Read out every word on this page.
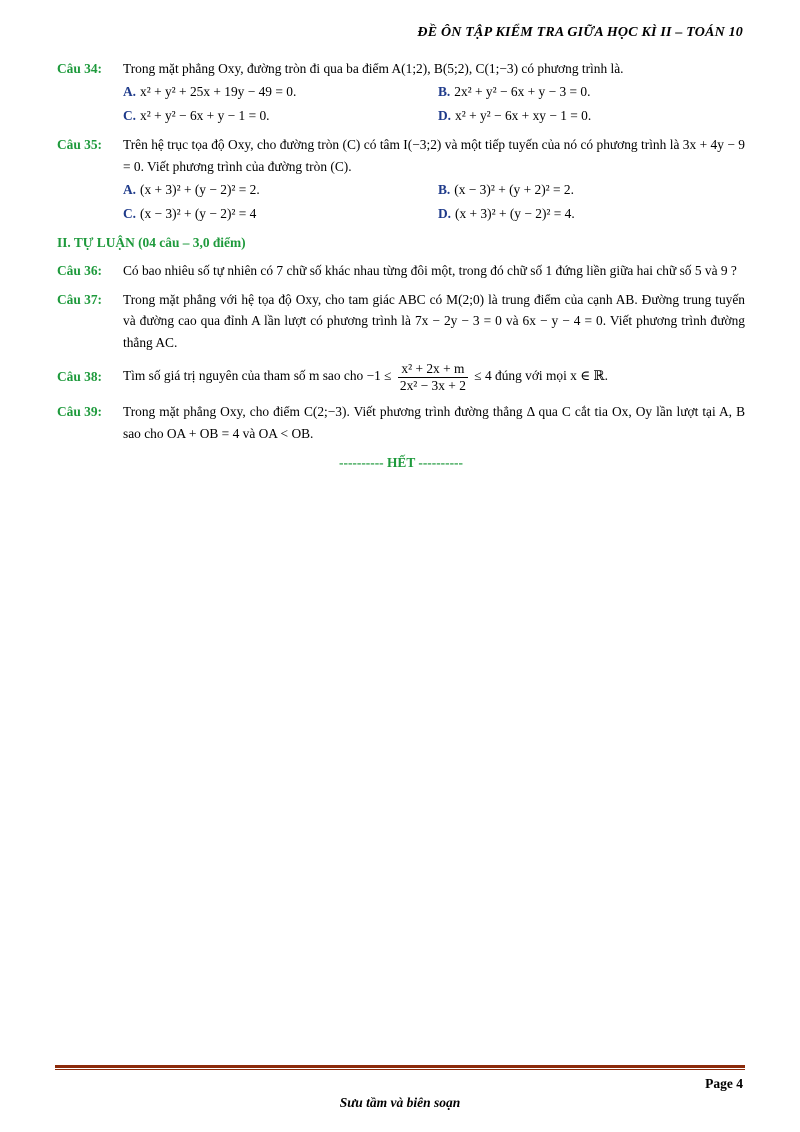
ĐỀ ÔN TẬP KIỂM TRA GIỮA HỌC KÌ II – TOÁN 10
Câu 34:	Trong mặt phẳng Oxy, đường tròn đi qua ba điểm A(1;2), B(5;2), C(1;−3) có phương trình là.
A. x² + y² + 25x + 19y − 49 = 0.	B. 2x² + y² − 6x + y − 3 = 0.
C. x² + y² − 6x + y − 1 = 0.	D. x² + y² − 6x + xy − 1 = 0.
Câu 35:	Trên hệ trục tọa độ Oxy, cho đường tròn (C) có tâm I(−3;2) và một tiếp tuyến của nó có phương trình là 3x + 4y − 9 = 0. Viết phương trình của đường tròn (C).
A. (x + 3)² + (y − 2)² = 2.	B. (x − 3)² + (y + 2)² = 2.
C. (x − 3)² + (y − 2)² = 4	D. (x + 3)² + (y − 2)² = 4.
II. TỰ LUẬN (04 câu – 3,0 điểm)
Câu 36:	Có bao nhiêu số tự nhiên có 7 chữ số khác nhau từng đôi một, trong đó chữ số 1 đứng liền giữa hai chữ số 5 và 9 ?
Câu 37:	Trong mặt phẳng với hệ tọa độ Oxy, cho tam giác ABC có M(2;0) là trung điểm của cạnh AB. Đường trung tuyến và đường cao qua đỉnh A lần lượt có phương trình là 7x − 2y − 3 = 0 và 6x − y − 4 = 0. Viết phương trình đường thẳng AC.
Câu 38:	Tìm số giá trị nguyên của tham số m sao cho $-1 \le \frac{\text{x² + 2x + m}}{\text{2x² − 3x + 2}} \le 4$ đúng với mọi x ∈ ℝ.
Câu 39:	Trong mặt phẳng Oxy, cho điểm C(2;−3). Viết phương trình đường thẳng Δ qua C cắt tia Ox, Oy lần lượt tại A, B sao cho OA + OB = 4 và OA < OB.
---------- HẾT ----------
Page 4
Sưu tầm và biên soạn
